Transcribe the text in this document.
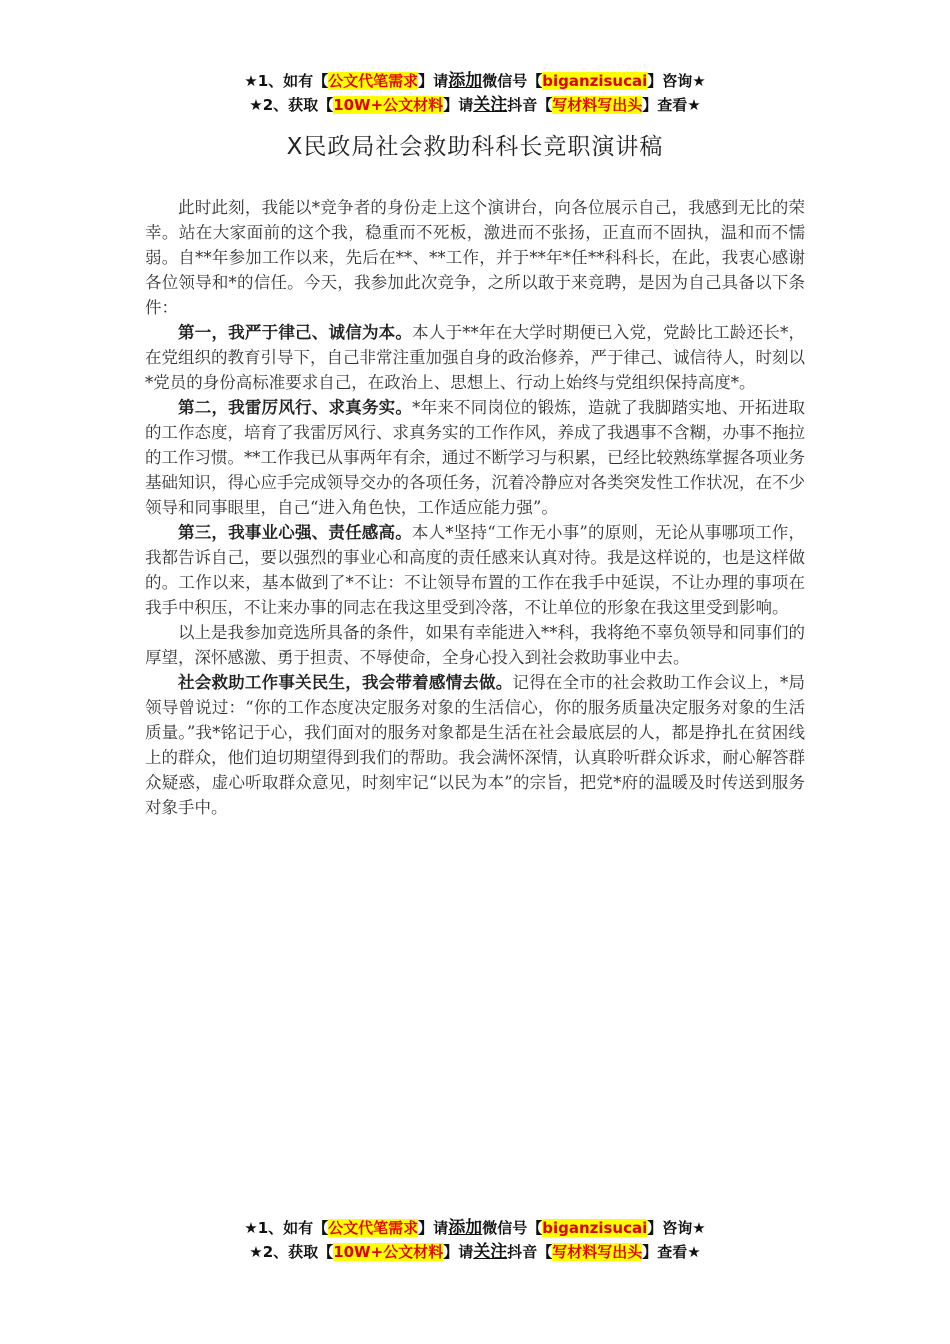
★1、如有【公文代笔需求】请添加微信号【biganzisucai】咨询★
★2、获取【10W+公文材料】请关注抖音【写材料写出头】查看★
X民政局社会救助科科长竞职演讲稿

此时此刻，我能以*竞争者的身份走上这个演讲台，向各位展示自己，我感到无比的荣幸。站在大家面前的这个我，稳重而不死板，激进而不张扬，正直而不固执，温和而不懦弱。自**年参加工作以来，先后在**、**工作，并于**年*任**科科长，在此，我衷心感谢各位领导和*的信任。今天，我参加此次竞争，之所以敢于来竞聘，是因为自己具备以下条件：

第一，我严于律己、诚信为本。本人于**年在大学时期便已入党，党龄比工龄还长*，在党组织的教育引导下，自己非常注重加强自身的政治修养，严于律己、诚信待人，时刻以*党员的身份高标准要求自己，在政治上、思想上、行动上始终与党组织保持高度*。

第二，我雷厉风行、求真务实。*年来不同岗位的锻炼，造就了我脚踏实地、开拓进取的工作态度，培育了我雷厉风行、求真务实的工作作风，养成了我遇事不含糊，办事不拖拉的工作习惯。**工作我已从事两年有余，通过不断学习与积累，已经比较熟练掌握各项业务基础知识，得心应手完成领导交办的各项任务，沉着冷静应对各类突发性工作状况，在不少领导和同事眼里，自己“进入角色快，工作适应能力强”。

第三，我事业心强、责任感高。本人*坚持“工作无小事”的原则，无论从事哪项工作，我都告诉自己，要以强烈的事业心和高度的责任感来认真对待。我是这样说的，也是这样做的。工作以来，基本做到了*不让：不让领导布置的工作在我手中延误，不让办理的事项在我手中积压，不让来办事的同志在我这里受到冷落，不让单位的形象在我这里受到影响。

以上是我参加竞选所具备的条件，如果有幸能进入**科，我将绝不辜负领导和同事们的厚望，深怀感激、勇于担责、不辱使命，全身心投入到社会救助事业中去。

社会救助工作事关民生，我会带着感情去做。记得在全市的社会救助工作会议上，*局领导曾说过：“你的工作态度决定服务对象的生活信心，你的服务质量决定服务对象的生活质量。”我*铭记于心，我们面对的服务对象都是生活在社会最底层的人，都是挣扎在贫困线上的群众，他们迫切期望得到我们的帮助。我会满怀深情，认真聆听群众诉求，耐心解答群众疑惑，虚心听取群众意见，时刻牢记“以民为本”的宗旨，把党*府的温暖及时传送到服务对象手中。

★1、如有【公文代笔需求】请添加微信号【biganzisucai】咨询★
★2、获取【10W+公文材料】请关注抖音【写材料写出头】查看★
